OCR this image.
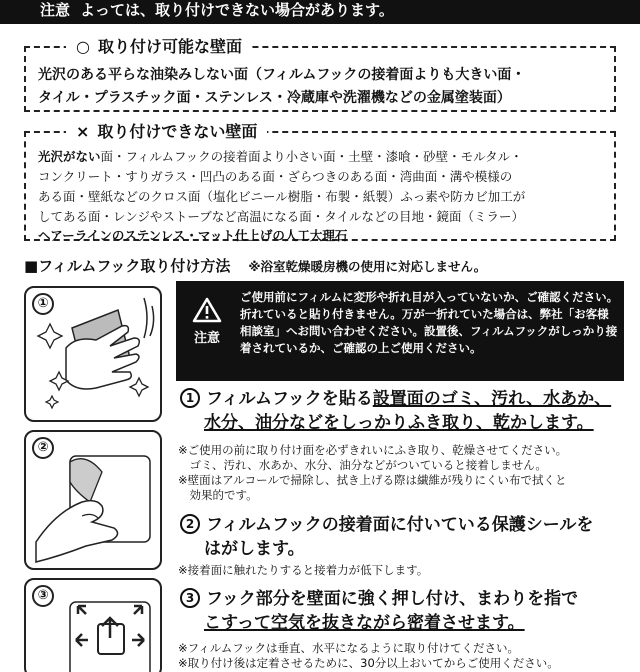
注意 よっては、取り付けできない場合があります。
○ 取り付け可能な壁面
光沢のある平らな油染みしない面（フィルムフックの接着面よりも大きい面・
タイル・プラスチック面・ステンレス・冷蔵庫や洗濯機などの金属塗装面）
× 取り付けできない壁面
光沢がない面・フィルムフックの接着面より小さい面・土壁・漆喰・砂壁・モルタル・
コンクリート・すりガラス・凹凸のある面・ざらつきのある面・湾曲面・溝や模様の
ある面・壁紙などのクロス面（塩化ビニール樹脂・布製・紙製）ふっ素や防カビ加工が
してある面・レンジやストーブなど高温になる面・タイルなどの目地・鏡面（ミラー）
ヘアーラインのステンレス・マット仕上げの人工大理石
■フィルムフック取り付け方法 ※浴室乾燥暖房機の使用に対応しません。
①
②
③
注意
ご使用前にフィルムに変形や折れ目が入っていないか、ご確認ください。折れていると貼り付きません。万が一折れていた場合は、弊社「お客様相談室」へお問い合わせください。設置後、フィルムフックがしっかり接着されているか、ご確認の上ご使用ください。
1 フィルムフックを貼る設置面のゴミ、汚れ、水あか、
水分、油分などをしっかりふき取り、乾かします。
※ご使用の前に取り付け面を必ずきれいにふき取り、乾燥させてください。
　ゴミ、汚れ、水あか、水分、油分などがついていると接着しません。
※壁面はアルコールで掃除し、拭き上げる際は繊維が残りにくい布で拭くと
　効果的です。
2 フィルムフックの接着面に付いている保護シールを
はがします。
※接着面に触れたりすると接着力が低下します。
3 フック部分を壁面に強く押し付け、まわりを指で
こすって空気を抜きながら密着させます。
※フィルムフックは垂直、水平になるように取り付けてください。
※取り付け後は定着させるために、30分以上おいてからご使用ください。
